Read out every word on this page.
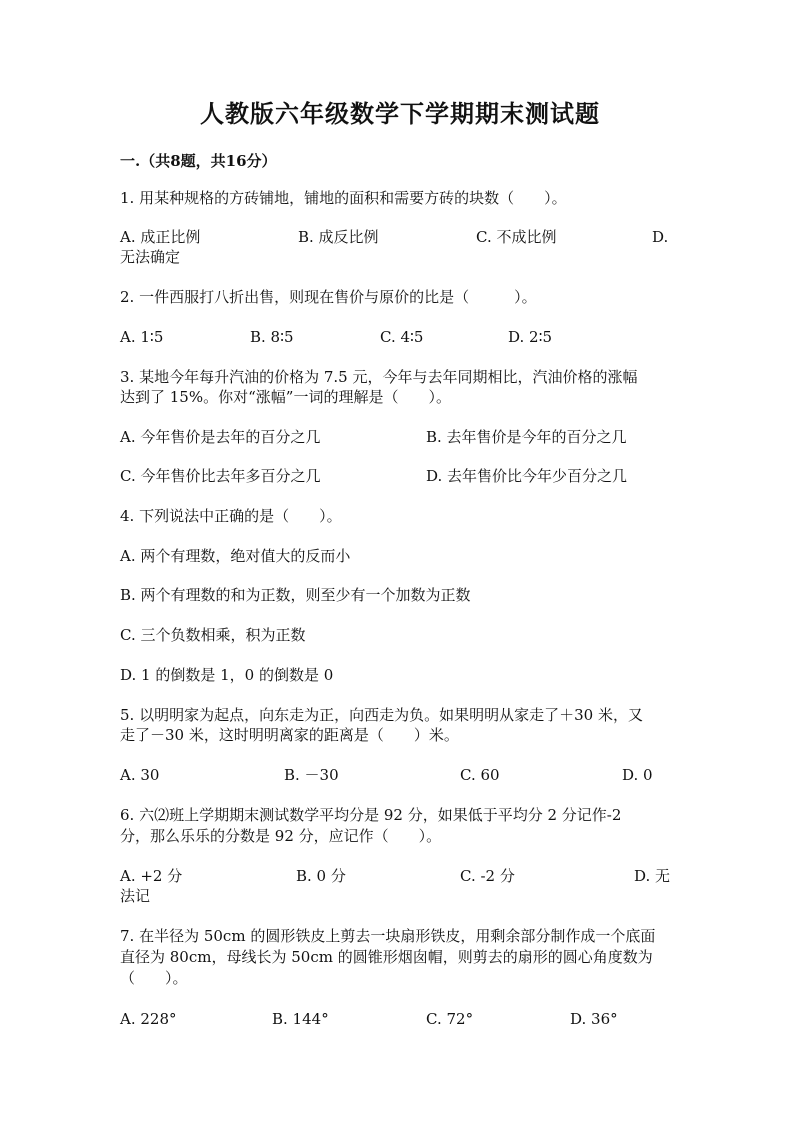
人教版六年级数学下学期期末测试题
一.（共8题，共16分）
1. 用某种规格的方砖铺地，铺地的面积和需要方砖的块数（　　）。
A. 成正比例	B. 成反比例	C. 不成比例	D.
无法确定
2. 一件西服打八折出售，则现在售价与原价的比是（　　　）。
A. 1∶5	B. 8∶5	C. 4∶5	D. 2∶5
3. 某地今年每升汽油的价格为 7.5 元，今年与去年同期相比，汽油价格的涨幅
达到了 15%。你对“涨幅”一词的理解是（　　）。
A. 今年售价是去年的百分之几	B. 去年售价是今年的百分之几
C. 今年售价比去年多百分之几	D. 去年售价比今年少百分之几
4. 下列说法中正确的是（　　）。
A. 两个有理数，绝对值大的反而小
B. 两个有理数的和为正数，则至少有一个加数为正数
C. 三个负数相乘，积为正数
D. 1 的倒数是 1，0 的倒数是 0
5. 以明明家为起点，向东走为正，向西走为负。如果明明从家走了＋30 米，又
走了－30 米，这时明明离家的距离是（　　）米。
A. 30	B. －30	C. 60	D. 0
6. 六⑵班上学期期末测试数学平均分是 92 分，如果低于平均分 2 分记作-2
分，那么乐乐的分数是 92 分，应记作（　　）。
A. +2 分	B. 0 分	C. -2 分	D. 无
法记
7. 在半径为 50cm 的圆形铁皮上剪去一块扇形铁皮，用剩余部分制作成一个底面
直径为 80cm，母线长为 50cm 的圆锥形烟囱帽，则剪去的扇形的圆心角度数为
（　　）。
A. 228°	B. 144°	C. 72°	D. 36°
